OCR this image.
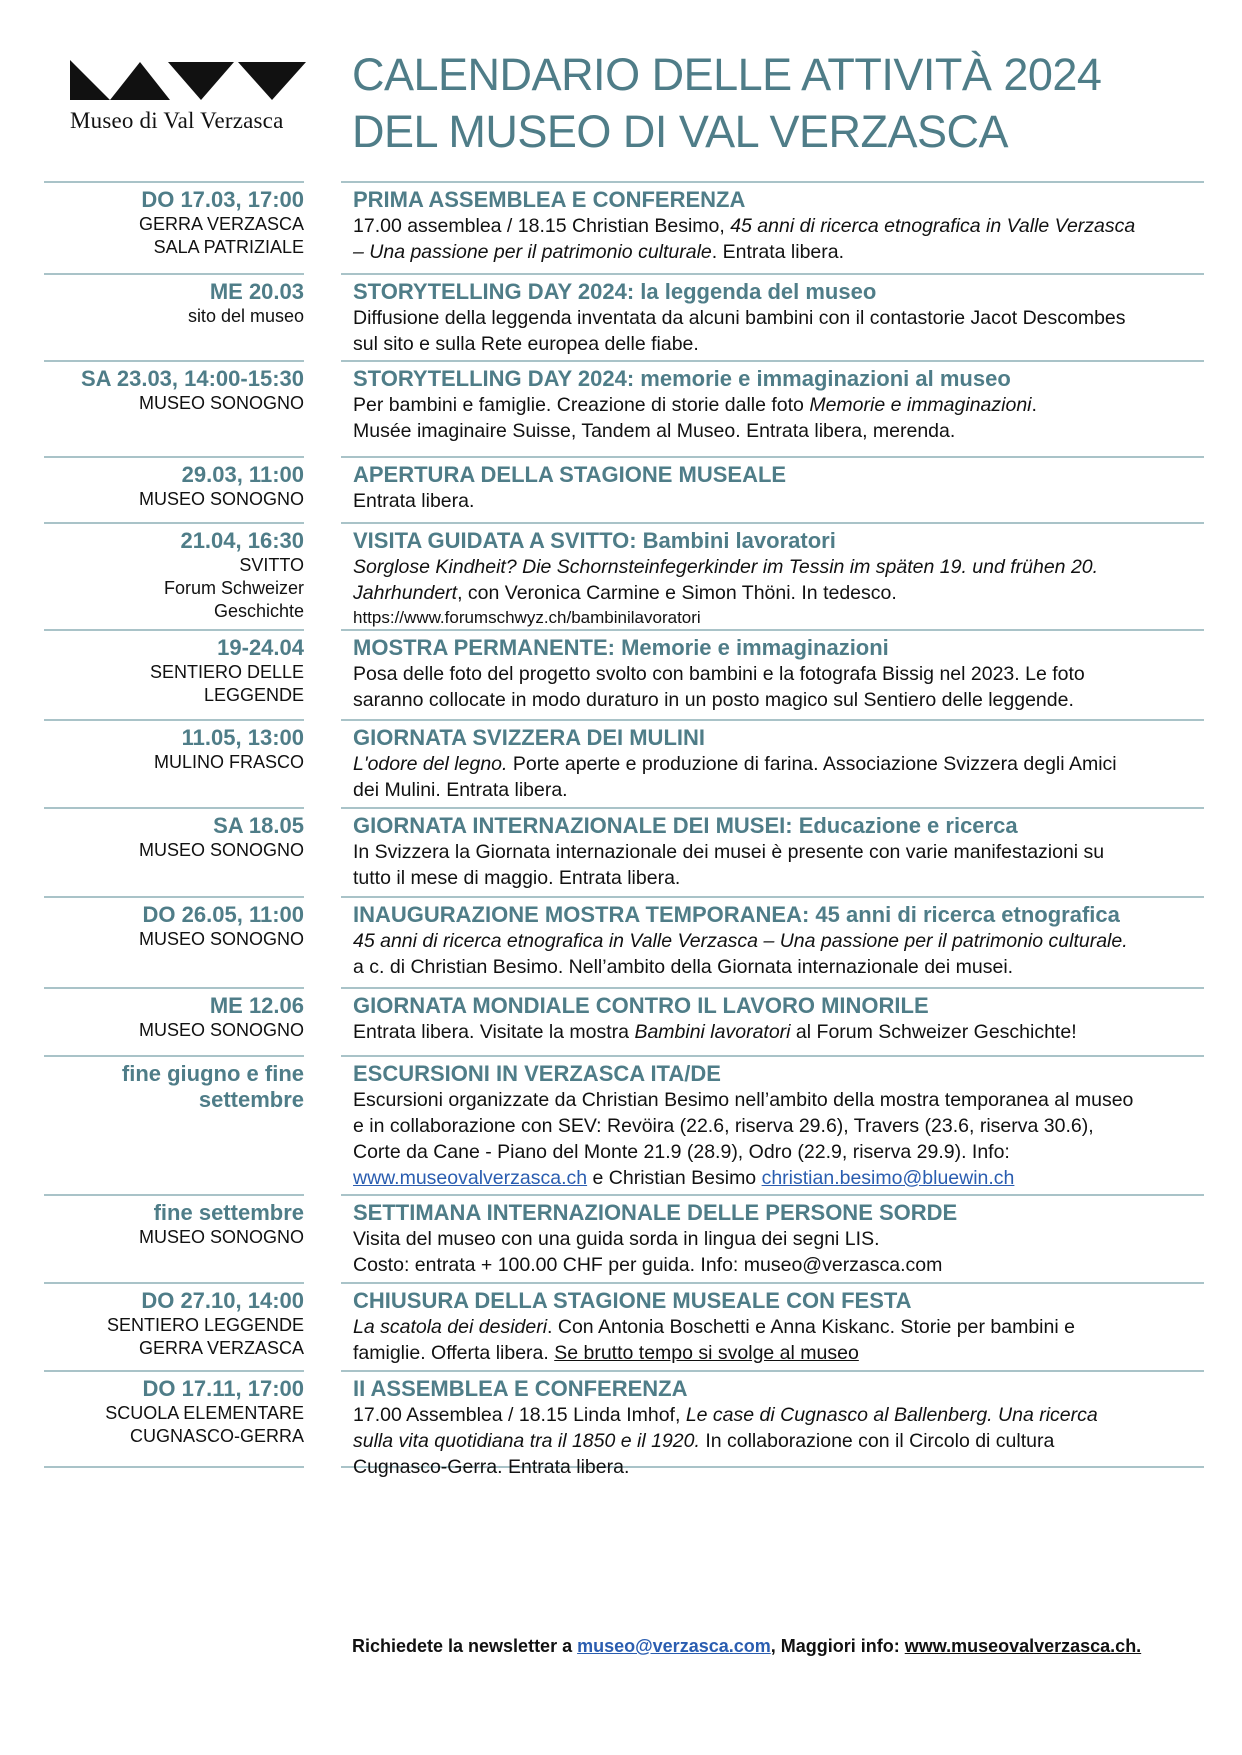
Museo di Val Verzasca
CALENDARIO DELLE ATTIVITÀ 2024
DEL MUSEO DI VAL VERZASCA
DO 17.03, 17:00
GERRA VERZASCA
SALA PATRIZIALE
PRIMA ASSEMBLEA E CONFERENZA
17.00 assemblea / 18.15 Christian Besimo, 45 anni di ricerca etnografica in Valle Verzasca
– Una passione per il patrimonio culturale. Entrata libera.
ME 20.03
sito del museo
STORYTELLING DAY 2024: la leggenda del museo
Diffusione della leggenda inventata da alcuni bambini con il contastorie Jacot Descombes
sul sito e sulla Rete europea delle fiabe.
SA 23.03, 14:00-15:30
MUSEO SONOGNO
STORYTELLING DAY 2024: memorie e immaginazioni al museo
Per bambini e famiglie. Creazione di storie dalle foto Memorie e immaginazioni.
Musée imaginaire Suisse, Tandem al Museo. Entrata libera, merenda.
29.03, 11:00
MUSEO SONOGNO
APERTURA DELLA STAGIONE MUSEALE
Entrata libera.
21.04, 16:30
SVITTO
Forum Schweizer
Geschichte
VISITA GUIDATA A SVITTO: Bambini lavoratori
Sorglose Kindheit? Die Schornsteinfegerkinder im Tessin im späten 19. und frühen 20.
Jahrhundert, con Veronica Carmine e Simon Thöni. In tedesco.
https://www.forumschwyz.ch/bambinilavoratori
19-24.04
SENTIERO DELLE
LEGGENDE
MOSTRA PERMANENTE: Memorie e immaginazioni
Posa delle foto del progetto svolto con bambini e la fotografa Bissig nel 2023. Le foto
saranno collocate in modo duraturo in un posto magico sul Sentiero delle leggende.
11.05, 13:00
MULINO FRASCO
GIORNATA SVIZZERA DEI MULINI
L'odore del legno. Porte aperte e produzione di farina. Associazione Svizzera degli Amici
dei Mulini. Entrata libera.
SA 18.05
MUSEO SONOGNO
GIORNATA INTERNAZIONALE DEI MUSEI: Educazione e ricerca
In Svizzera la Giornata internazionale dei musei è presente con varie manifestazioni su
tutto il mese di maggio. Entrata libera.
DO 26.05, 11:00
MUSEO SONOGNO
INAUGURAZIONE MOSTRA TEMPORANEA: 45 anni di ricerca etnografica
45 anni di ricerca etnografica in Valle Verzasca – Una passione per il patrimonio culturale.
a c. di Christian Besimo. Nell’ambito della Giornata internazionale dei musei.
ME 12.06
MUSEO SONOGNO
GIORNATA MONDIALE CONTRO IL LAVORO MINORILE
Entrata libera. Visitate la mostra Bambini lavoratori al Forum Schweizer Geschichte!
fine giugno e fine
settembre
ESCURSIONI IN VERZASCA ITA/DE
Escursioni organizzate da Christian Besimo nell’ambito della mostra temporanea al museo
e in collaborazione con SEV: Revöira (22.6, riserva 29.6), Travers (23.6, riserva 30.6),
Corte da Cane - Piano del Monte 21.9 (28.9), Odro (22.9, riserva 29.9). Info:
www.museovalverzasca.ch e Christian Besimo christian.besimo@bluewin.ch
fine settembre
MUSEO SONOGNO
SETTIMANA INTERNAZIONALE DELLE PERSONE SORDE
Visita del museo con una guida sorda in lingua dei segni LIS.
Costo: entrata + 100.00 CHF per guida. Info: museo@verzasca.com
DO 27.10, 14:00
SENTIERO LEGGENDE
GERRA VERZASCA
CHIUSURA DELLA STAGIONE MUSEALE CON FESTA
La scatola dei desideri. Con Antonia Boschetti e Anna Kiskanc. Storie per bambini e
famiglie. Offerta libera. Se brutto tempo si svolge al museo
DO 17.11, 17:00
SCUOLA ELEMENTARE
CUGNASCO-GERRA
II ASSEMBLEA E CONFERENZA
17.00 Assemblea / 18.15 Linda Imhof, Le case di Cugnasco al Ballenberg. Una ricerca
sulla vita quotidiana tra il 1850 e il 1920. In collaborazione con il Circolo di cultura
Cugnasco-Gerra. Entrata libera.
Richiedete la newsletter a museo@verzasca.com, Maggiori info: www.museovalverzasca.ch.
